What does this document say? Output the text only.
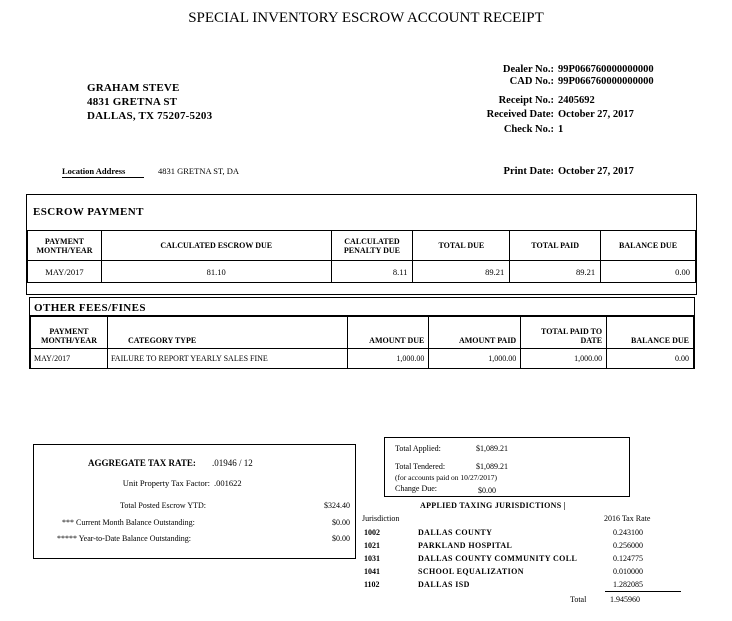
SPECIAL INVENTORY ESCROW ACCOUNT RECEIPT
GRAHAM STEVE
4831 GRETNA ST
DALLAS, TX 75207-5203
Dealer No.: 99P066760000000000
CAD No.: 99P066760000000000
Receipt No.: 2405692
Received Date: October 27, 2017
Check No.: 1
Print Date: October 27, 2017
Location Address	4831 GRETNA ST, DA
ESCROW PAYMENT
PAYMENT MONTH/YEAR	CALCULATED ESCROW DUE	CALCULATED PENALTY DUE	TOTAL DUE	TOTAL PAID	BALANCE DUE
MAY/2017	81.10	8.11	89.21	89.21	0.00
OTHER FEES/FINES
PAYMENT MONTH/YEAR	CATEGORY TYPE	AMOUNT DUE	AMOUNT PAID	TOTAL PAID TO DATE	BALANCE DUE
MAY/2017	FAILURE TO REPORT YEARLY SALES FINE	1,000.00	1,000.00	1,000.00	0.00
AGGREGATE TAX RATE: .01946 / 12
Unit Property Tax Factor: .001622
Total Posted Escrow YTD:	$324.40
*** Current Month Balance Outstanding:	$0.00
***** Year-to-Date Balance Outstanding:	$0.00
Total Applied:	$1,089.21
Total Tendered:	$1,089.21
(for accounts paid on 10/27/2017)
Change Due:	$0.00
APPLIED TAXING JURISDICTIONS |
Jurisdiction	2016 Tax Rate
1002	DALLAS COUNTY	0.243100
1021	PARKLAND HOSPITAL	0.256000
1031	DALLAS COUNTY COMMUNITY COLL	0.124775
1041	SCHOOL EQUALIZATION	0.010000
1102	DALLAS ISD	1.282085
Total	1.945960
